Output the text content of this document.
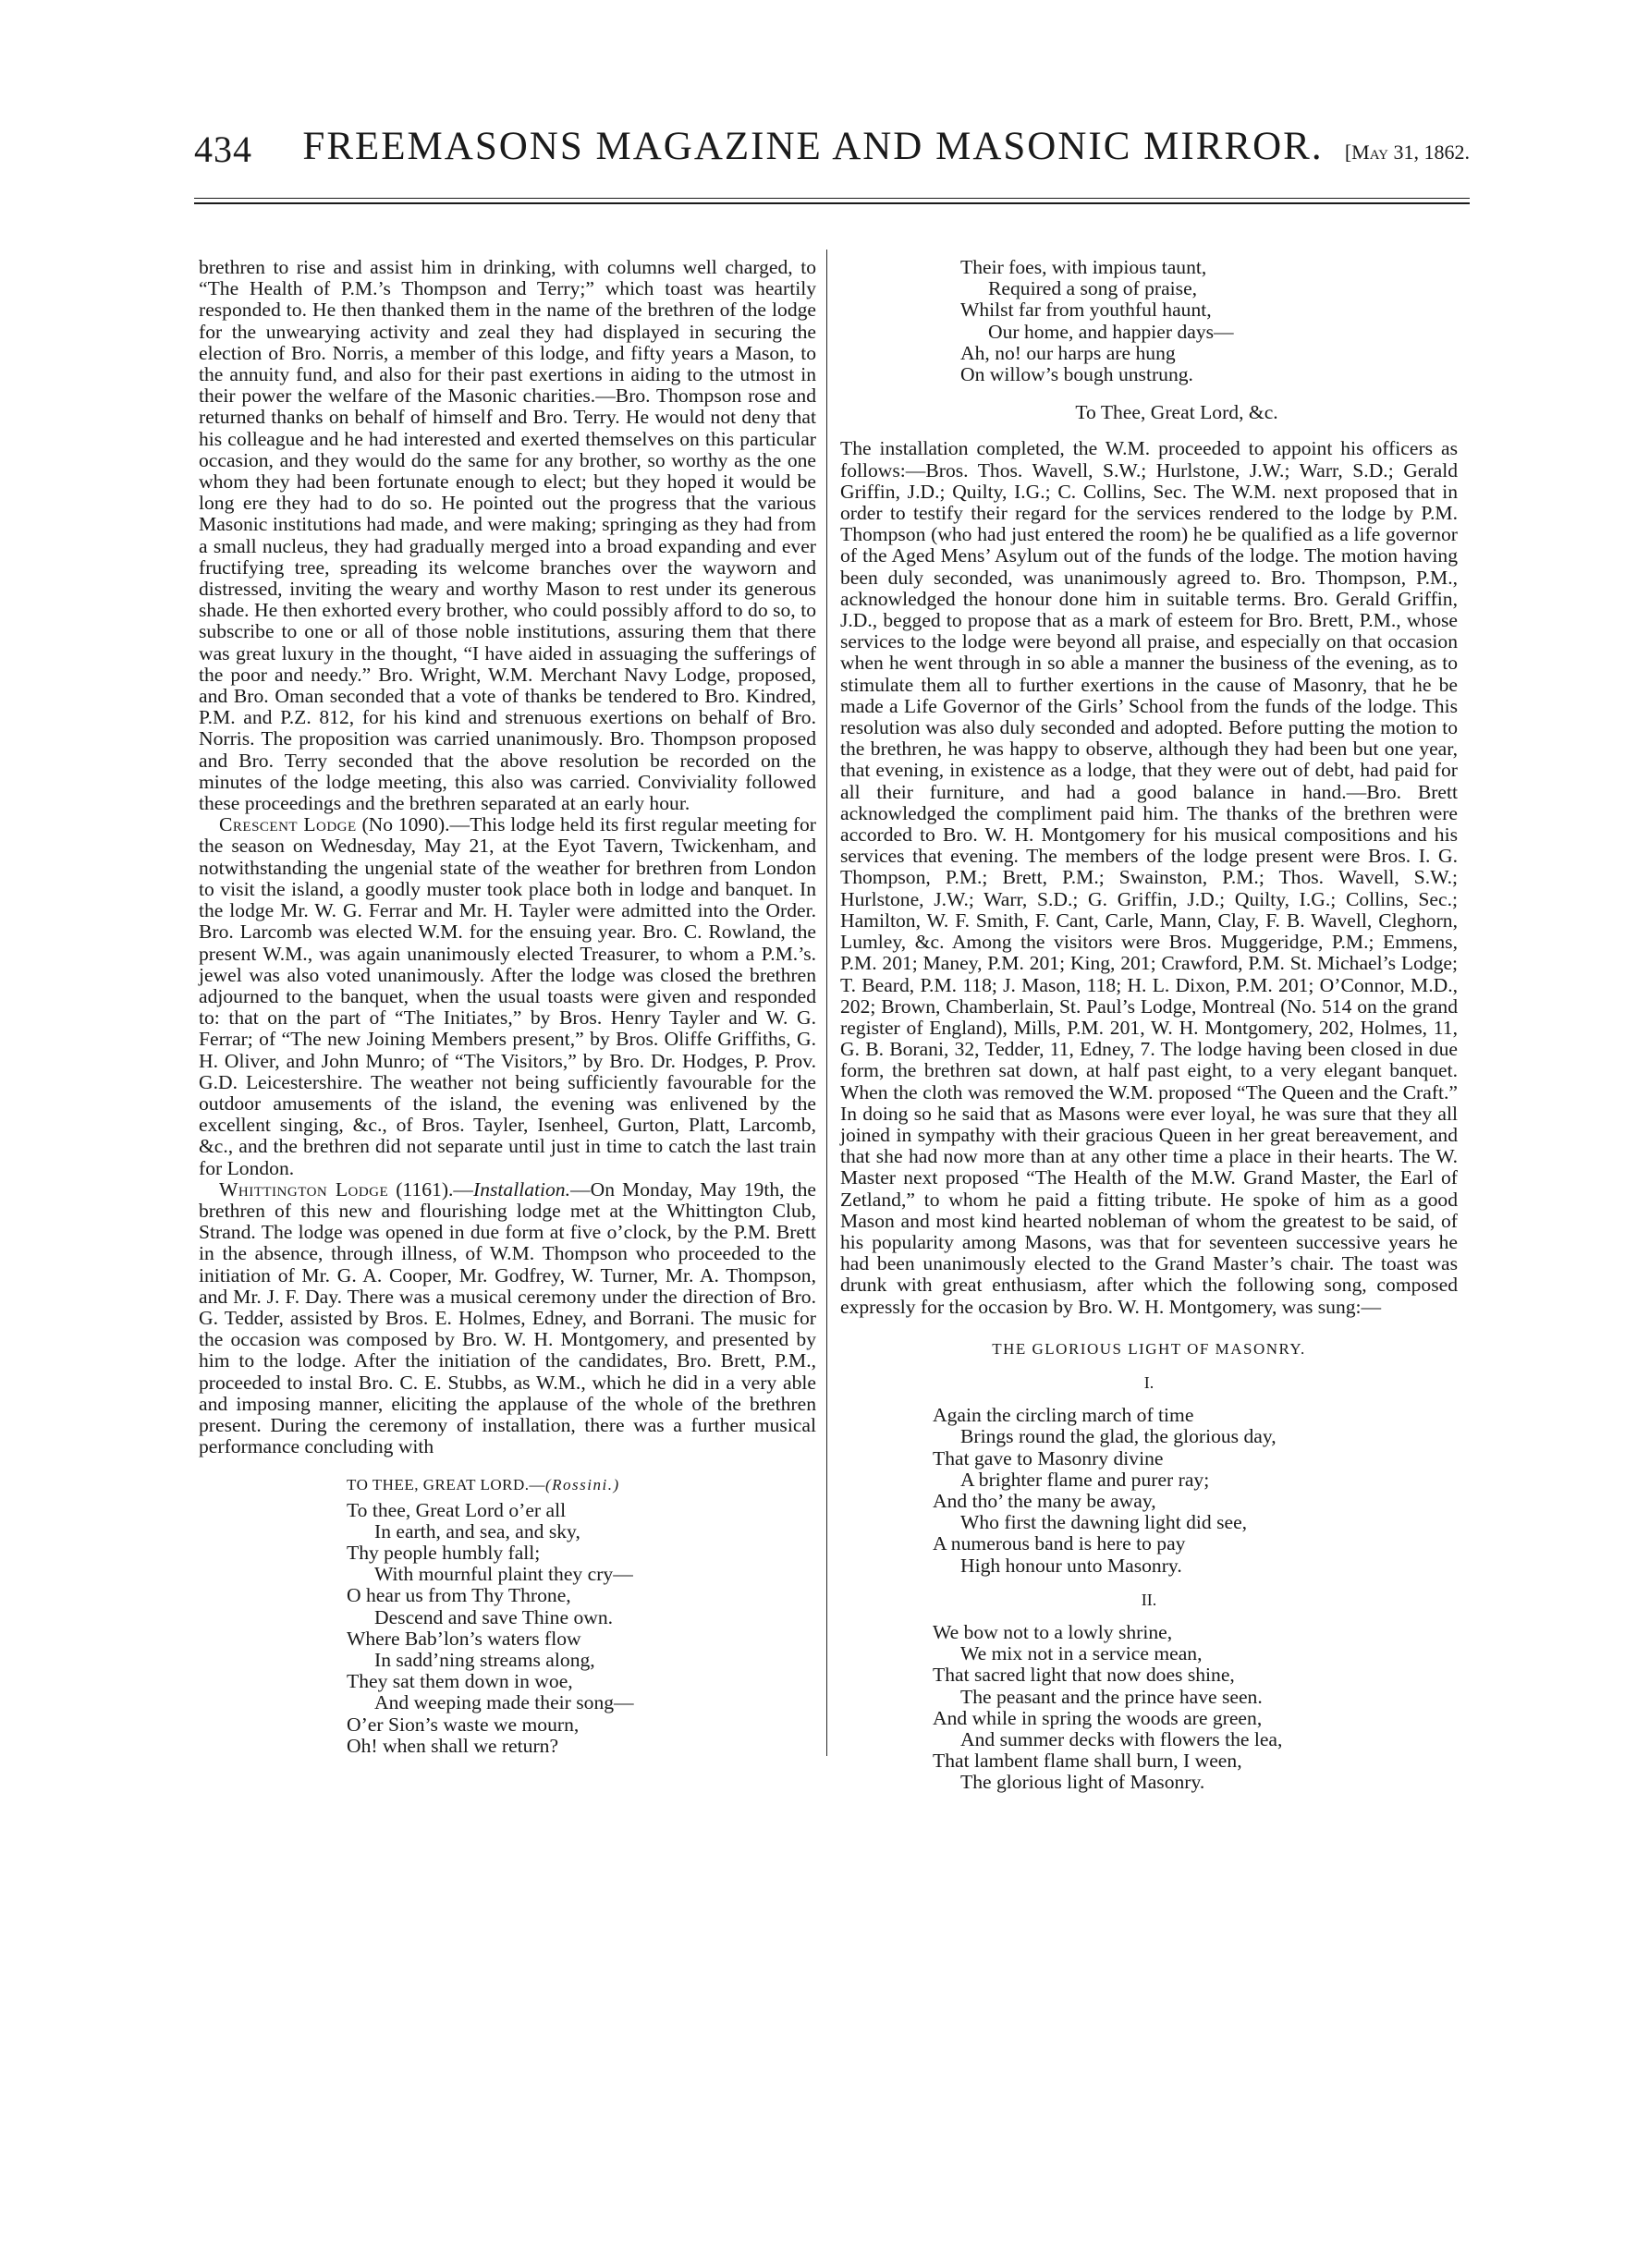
434	FREEMASONS MAGAZINE AND MASONIC MIRROR.	[May 31, 1862.

brethren to rise and assist him in drinking, with columns well charged, to “The Health of P.M.’s Thompson and Terry;” which toast was heartily responded to. He then thanked them in the name of the brethren of the lodge for the unwearying activity and zeal they had displayed in securing the election of Bro. Norris, a member of this lodge, and fifty years a Mason, to the annuity fund, and also for their past exertions in aiding to the utmost in their power the welfare of the Masonic charities.—Bro. Thompson rose and returned thanks on behalf of himself and Bro. Terry. He would not deny that his colleague and he had interested and exerted themselves on this particular occasion, and they would do the same for any brother, so worthy as the one whom they had been fortunate enough to elect; but they hoped it would be long ere they had to do so. He pointed out the progress that the various Masonic institutions had made, and were making; springing as they had from a small nucleus, they had gradually merged into a broad expanding and ever fructifying tree, spreading its welcome branches over the wayworn and distressed, inviting the weary and worthy Mason to rest under its generous shade. He then exhorted every brother, who could possibly afford to do so, to subscribe to one or all of those noble institutions, assuring them that there was great luxury in the thought, “I have aided in assuaging the sufferings of the poor and needy.” Bro. Wright, W.M. Merchant Navy Lodge, proposed, and Bro. Oman seconded that a vote of thanks be tendered to Bro. Kindred, P.M. and P.Z. 812, for his kind and strenuous exertions on behalf of Bro. Norris. The proposition was carried unanimously. Bro. Thompson proposed and Bro. Terry seconded that the above resolution be recorded on the minutes of the lodge meeting, this also was carried. Conviviality followed these proceedings and the brethren separated at an early hour.

Crescent Lodge (No 1090).—This lodge held its first regular meeting for the season on Wednesday, May 21, at the Eyot Tavern, Twickenham, and notwithstanding the ungenial state of the weather for brethren from London to visit the island, a goodly muster took place both in lodge and banquet. In the lodge Mr. W. G. Ferrar and Mr. H. Tayler were admitted into the Order. Bro. Larcomb was elected W.M. for the ensuing year. Bro. C. Rowland, the present W.M., was again unanimously elected Treasurer, to whom a P.M.’s. jewel was also voted unanimously. After the lodge was closed the brethren adjourned to the banquet, when the usual toasts were given and responded to: that on the part of “The Initiates,” by Bros. Henry Tayler and W. G. Ferrar; of “The new Joining Members present,” by Bros. Oliffe Griffiths, G. H. Oliver, and John Munro; of “The Visitors,” by Bro. Dr. Hodges, P. Prov. G.D. Leicestershire. The weather not being sufficiently favourable for the outdoor amusements of the island, the evening was enlivened by the excellent singing, &c., of Bros. Tayler, Isenheel, Gurton, Platt, Larcomb, &c., and the brethren did not separate until just in time to catch the last train for London.

Whittington Lodge (1161).—Installation.—On Monday, May 19th, the brethren of this new and flourishing lodge met at the Whittington Club, Strand. The lodge was opened in due form at five o’clock, by the P.M. Brett in the absence, through illness, of W.M. Thompson who proceeded to the initiation of Mr. G. A. Cooper, Mr. Godfrey, W. Turner, Mr. A. Thompson, and Mr. J. F. Day. There was a musical ceremony under the direction of Bro. G. Tedder, assisted by Bros. E. Holmes, Edney, and Borrani. The music for the occasion was composed by Bro. W. H. Montgomery, and presented by him to the lodge. After the initiation of the candidates, Bro. Brett, P.M., proceeded to instal Bro. C. E. Stubbs, as W.M., which he did in a very able and imposing manner, eliciting the applause of the whole of the brethren present. During the ceremony of installation, there was a further musical performance concluding with

TO THEE, GREAT LORD.—(Rossini.)
To thee, Great Lord o’er all
In earth, and sea, and sky,
Thy people humbly fall;
With mournful plaint they cry—
O hear us from Thy Throne,
Descend and save Thine own.
Where Bab’lon’s waters flow
In sadd’ning streams along,
They sat them down in woe,
And weeping made their song—
O’er Sion’s waste we mourn,
Oh! when shall we return?
Their foes, with impious taunt,
Required a song of praise,
Whilst far from youthful haunt,
Our home, and happier days—
Ah, no! our harps are hung
On willow’s bough unstrung.
To Thee, Great Lord, &c.

The installation completed, the W.M. proceeded to appoint his officers as follows:—Bros. Thos. Wavell, S.W.; Hurlstone, J.W.; Warr, S.D.; Gerald Griffin, J.D.; Quilty, I.G.; C. Collins, Sec. The W.M. next proposed that in order to testify their regard for the services rendered to the lodge by P.M. Thompson (who had just entered the room) he be qualified as a life governor of the Aged Mens’ Asylum out of the funds of the lodge. The motion having been duly seconded, was unanimously agreed to. Bro. Thompson, P.M., acknowledged the honour done him in suitable terms. Bro. Gerald Griffin, J.D., begged to propose that as a mark of esteem for Bro. Brett, P.M., whose services to the lodge were beyond all praise, and especially on that occasion when he went through in so able a manner the business of the evening, as to stimulate them all to further exertions in the cause of Masonry, that he be made a Life Governor of the Girls’ School from the funds of the lodge. This resolution was also duly seconded and adopted. Before putting the motion to the brethren, he was happy to observe, although they had been but one year, that evening, in existence as a lodge, that they were out of debt, had paid for all their furniture, and had a good balance in hand.—Bro. Brett acknowledged the compliment paid him. The thanks of the brethren were accorded to Bro. W. H. Montgomery for his musical compositions and his services that evening. The members of the lodge present were Bros. I. G. Thompson, P.M.; Brett, P.M.; Swainston, P.M.; Thos. Wavell, S.W.; Hurlstone, J.W.; Warr, S.D.; G. Griffin, J.D.; Quilty, I.G.; Collins, Sec.; Hamilton, W. F. Smith, F. Cant, Carle, Mann, Clay, F. B. Wavell, Cleghorn, Lumley, &c. Among the visitors were Bros. Muggeridge, P.M.; Emmens, P.M. 201; Maney, P.M. 201; King, 201; Crawford, P.M. St. Michael’s Lodge; T. Beard, P.M. 118; J. Mason, 118; H. L. Dixon, P.M. 201; O’Connor, M.D., 202; Brown, Chamberlain, St. Paul’s Lodge, Montreal (No. 514 on the grand register of England), Mills, P.M. 201, W. H. Montgomery, 202, Holmes, 11, G. B. Borani, 32, Tedder, 11, Edney, 7. The lodge having been closed in due form, the brethren sat down, at half past eight, to a very elegant banquet. When the cloth was removed the W.M. proposed “The Queen and the Craft.” In doing so he said that as Masons were ever loyal, he was sure that they all joined in sympathy with their gracious Queen in her great bereavement, and that she had now more than at any other time a place in their hearts. The W. Master next proposed “The Health of the M.W. Grand Master, the Earl of Zetland,” to whom he paid a fitting tribute. He spoke of him as a good Mason and most kind hearted nobleman of whom the greatest to be said, of his popularity among Masons, was that for seventeen successive years he had been unanimously elected to the Grand Master’s chair. The toast was drunk with great enthusiasm, after which the following song, composed expressly for the occasion by Bro. W. H. Montgomery, was sung:—

THE GLORIOUS LIGHT OF MASONRY.
I.
Again the circling march of time
Brings round the glad, the glorious day,
That gave to Masonry divine
A brighter flame and purer ray;
And tho’ the many be away,
Who first the dawning light did see,
A numerous band is here to pay
High honour unto Masonry.
II.
We bow not to a lowly shrine,
We mix not in a service mean,
That sacred light that now does shine,
The peasant and the prince have seen.
And while in spring the woods are green,
And summer decks with flowers the lea,
That lambent flame shall burn, I ween,
The glorious light of Masonry.
